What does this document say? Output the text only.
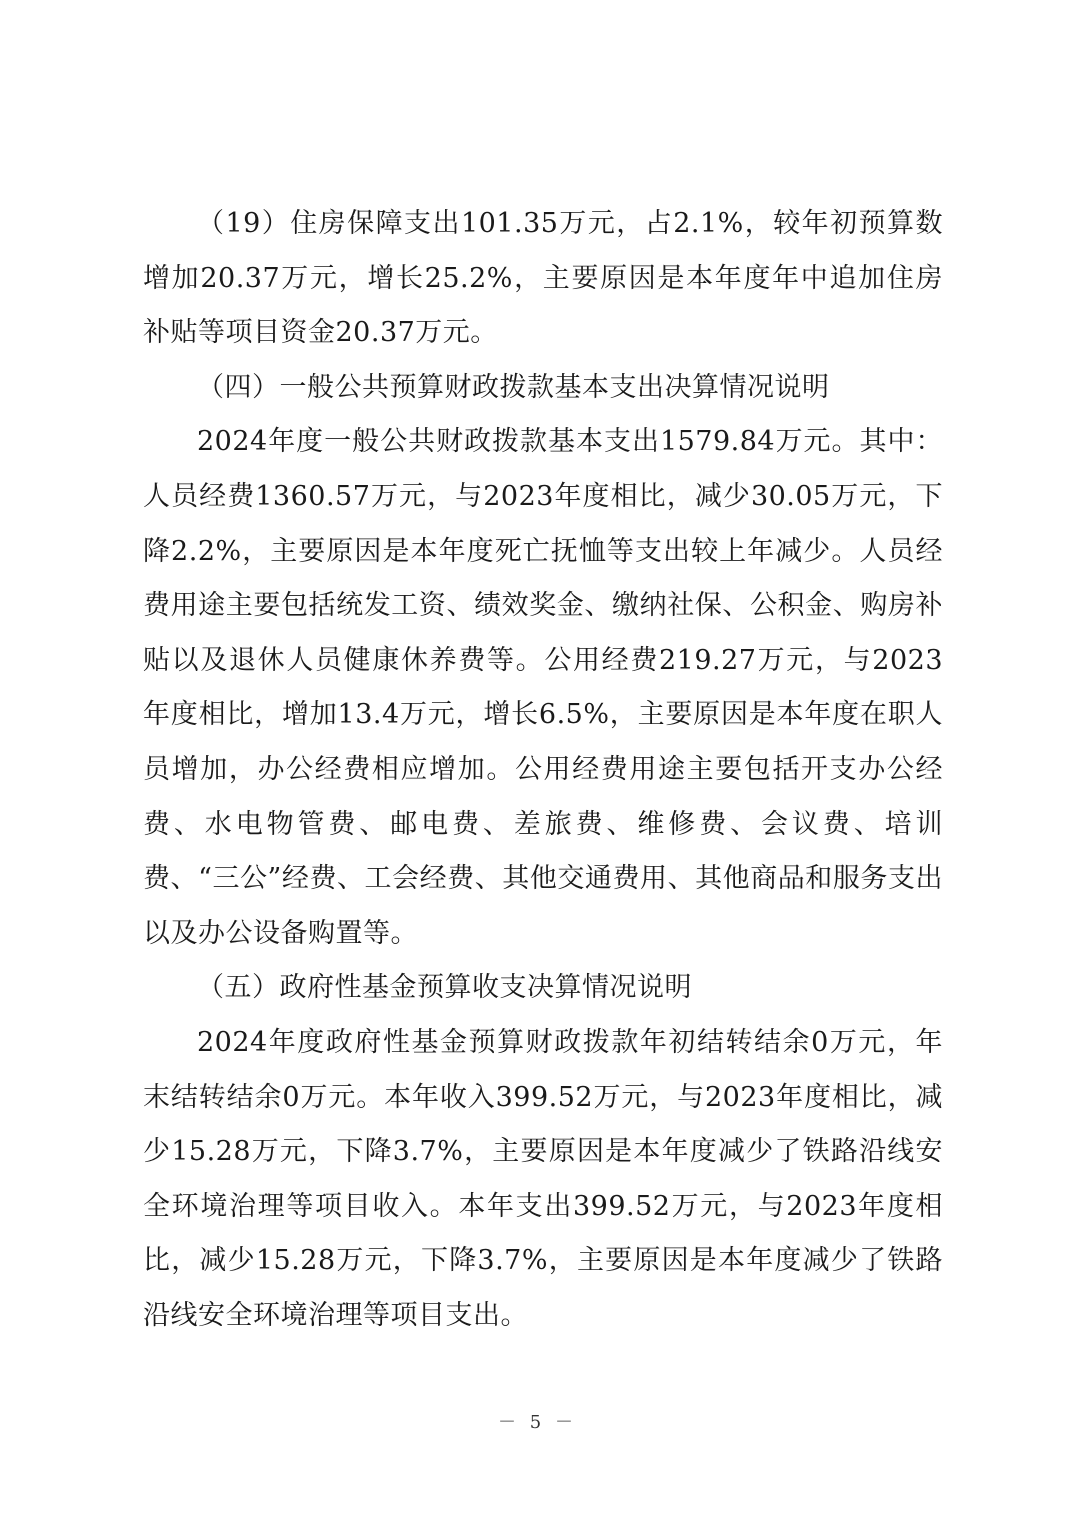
（19）住房保障支出101.35万元，占2.1%，较年初预算数增加20.37万元，增长25.2%，主要原因是本年度年中追加住房补贴等项目资金20.37万元。

（四）一般公共预算财政拨款基本支出决算情况说明

2024年度一般公共财政拨款基本支出1579.84万元。其中：人员经费1360.57万元，与2023年度相比，减少30.05万元，下降2.2%，主要原因是本年度死亡抚恤等支出较上年减少。人员经费用途主要包括统发工资、绩效奖金、缴纳社保、公积金、购房补贴以及退休人员健康休养费等。公用经费219.27万元，与2023年度相比，增加13.4万元，增长6.5%，主要原因是本年度在职人员增加，办公经费相应增加。公用经费用途主要包括开支办公经费、水电物管费、邮电费、差旅费、维修费、会议费、培训费、“三公”经费、工会经费、其他交通费用、其他商品和服务支出以及办公设备购置等。

（五）政府性基金预算收支决算情况说明

2024年度政府性基金预算财政拨款年初结转结余0万元，年末结转结余0万元。本年收入399.52万元，与2023年度相比，减少15.28万元，下降3.7%，主要原因是本年度减少了铁路沿线安全环境治理等项目收入。本年支出399.52万元，与2023年度相比，减少15.28万元，下降3.7%，主要原因是本年度减少了铁路沿线安全环境治理等项目支出。

－ 5 －
